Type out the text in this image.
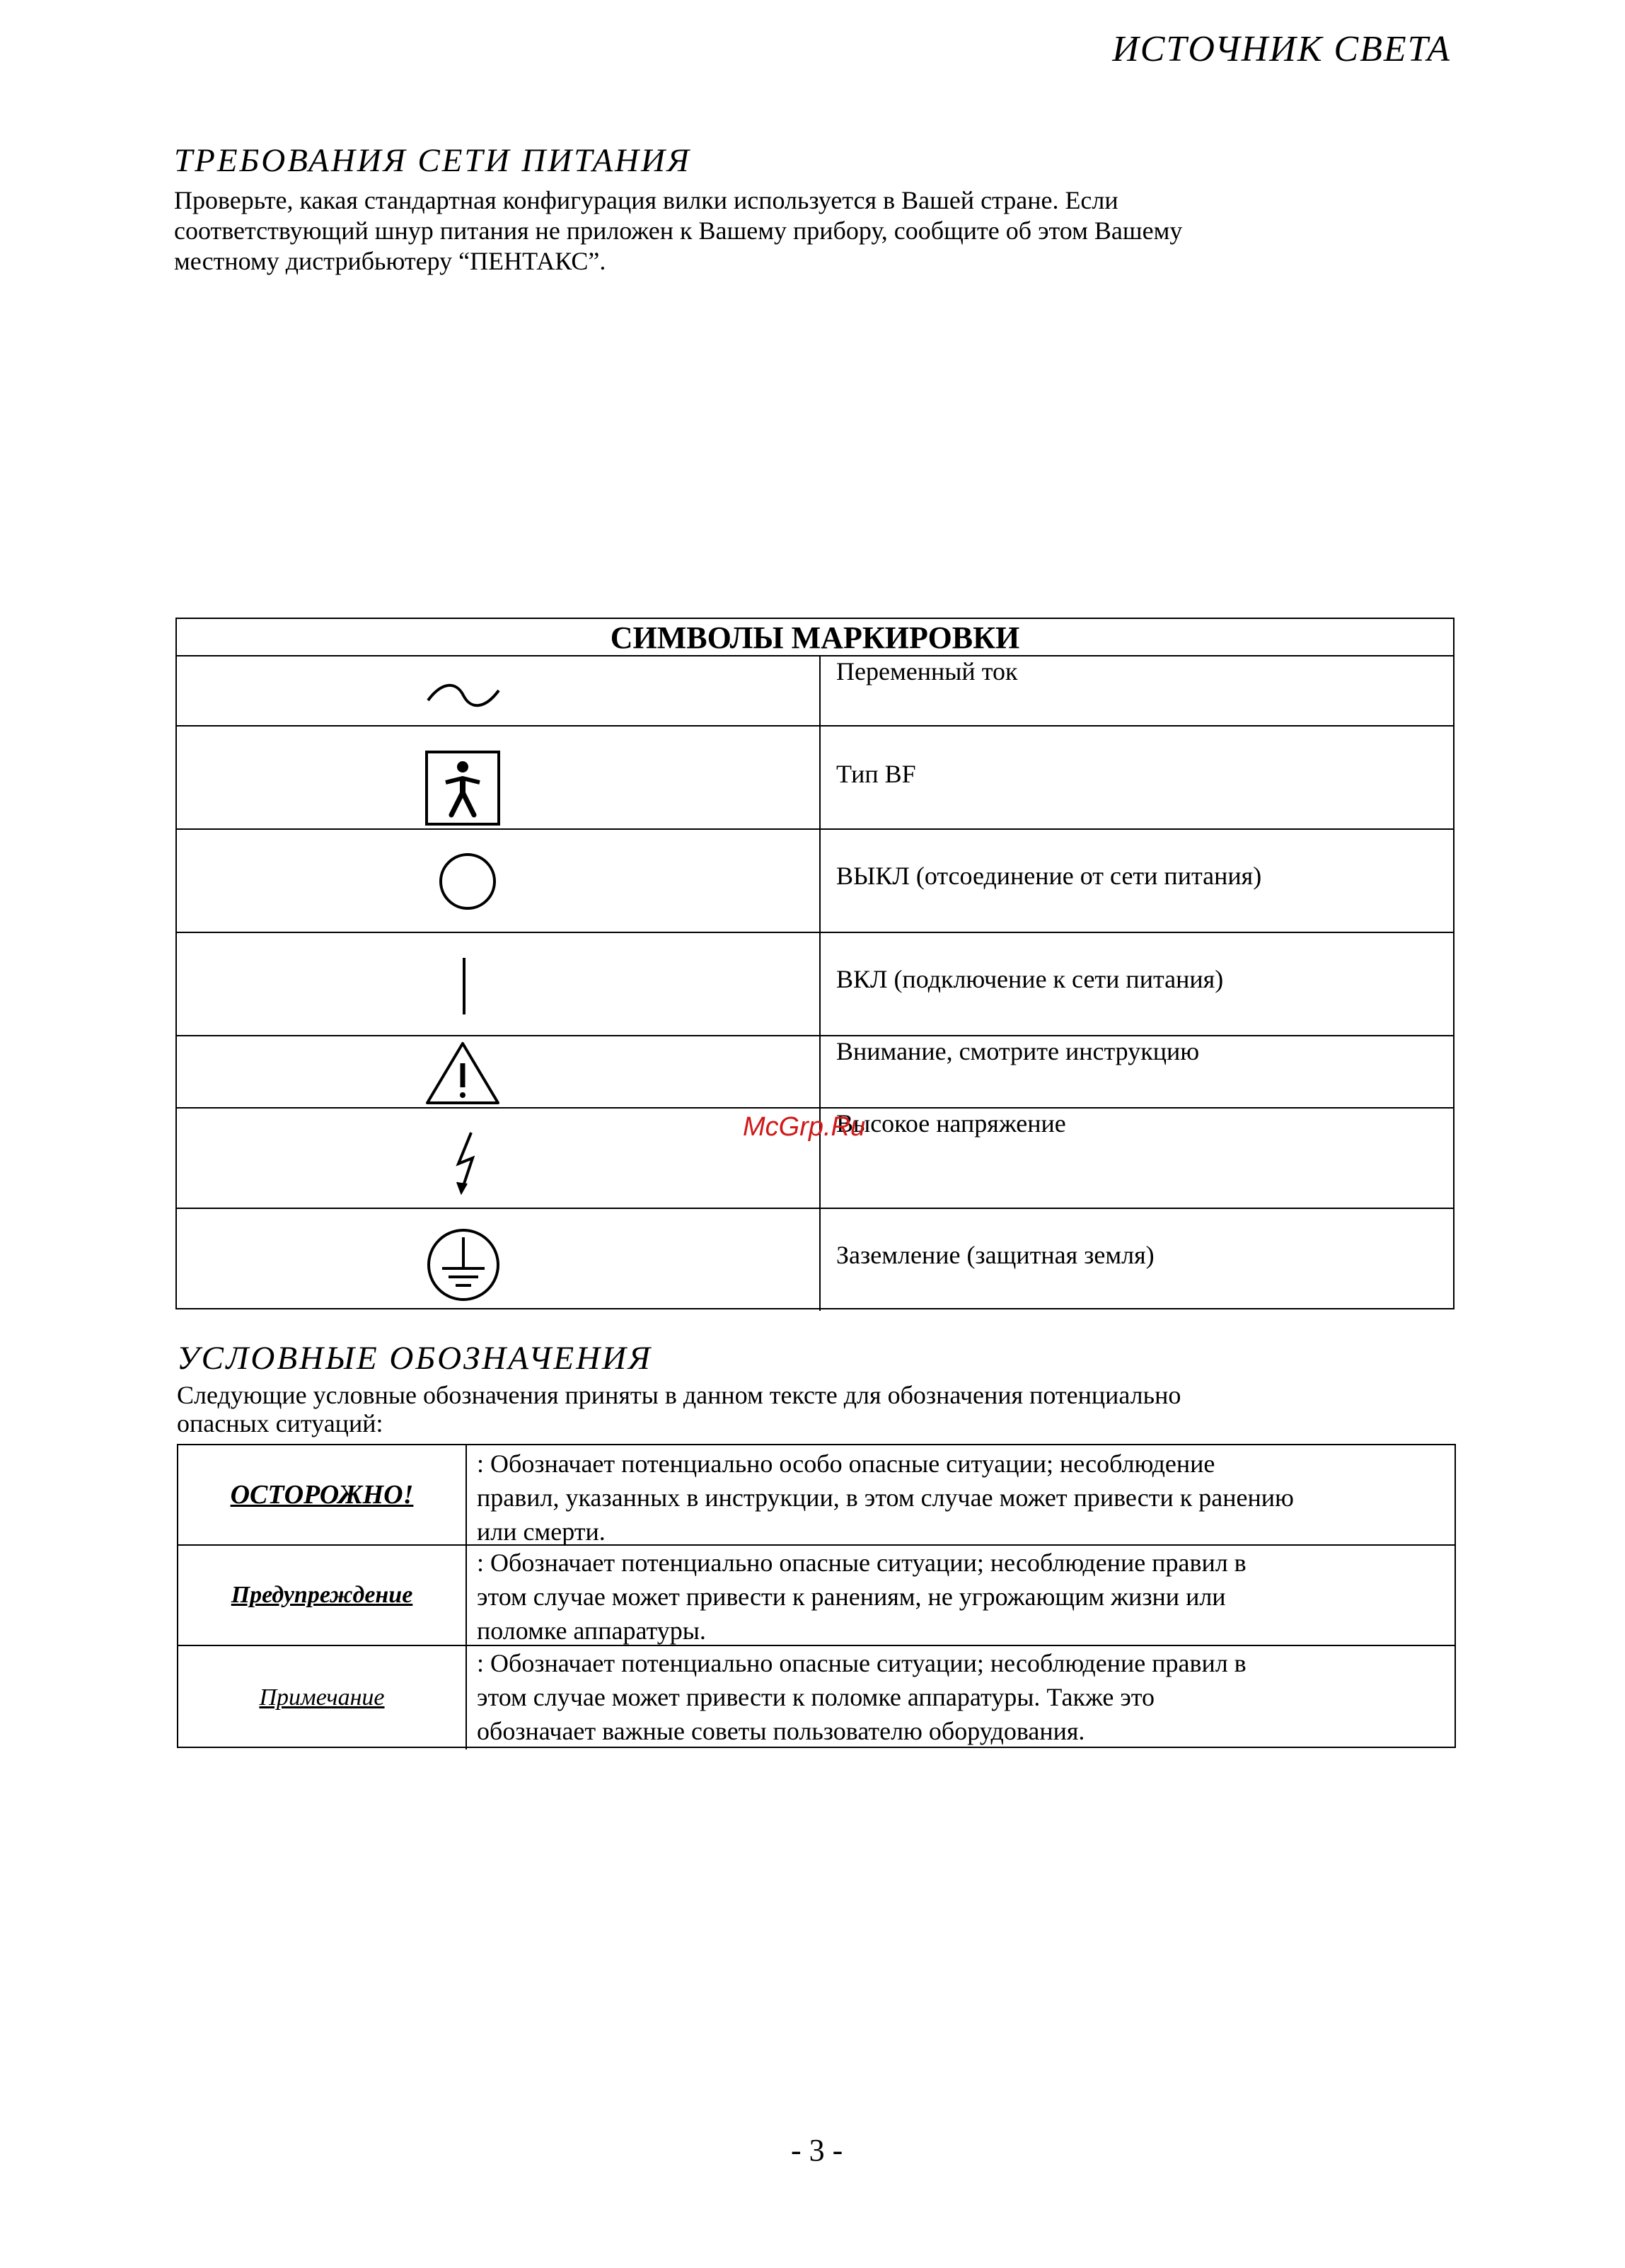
ИСТОЧНИК СВЕТА
ТРЕБОВАНИЯ СЕТИ ПИТАНИЯ
Проверьте, какая стандартная конфигурация вилки используется в Вашей стране. Если
соответствующий шнур питания не приложен к Вашему прибору, сообщите об этом Вашему
местному дистрибьютеру “ПЕНТАКС”.
СИМВОЛЫ МАРКИРОВКИ
Переменный ток
Тип BF
ВЫКЛ (отсоединение от сети питания)
ВКЛ (подключение к сети питания)
Внимание, смотрите инструкцию
Высокое напряжение
Заземление (защитная земля)
McGrp.Ru
УСЛОВНЫЕ ОБОЗНАЧЕНИЯ
Следующие условные обозначения приняты в данном тексте для обозначения потенциально
опасных ситуаций:
ОСТОРОЖНО!
: Обозначает потенциально особо опасные ситуации; несоблюдение
правил, указанных в инструкции, в этом случае может привести к ранению
или смерти.
Предупреждение
: Обозначает потенциально опасные ситуации; несоблюдение правил в
этом случае может привести к ранениям, не угрожающим жизни или
поломке аппаратуры.
Примечание
: Обозначает потенциально опасные ситуации; несоблюдение правил в
этом случае может привести к поломке аппаратуры. Также это
обозначает важные советы пользователю оборудования.
- 3 -
